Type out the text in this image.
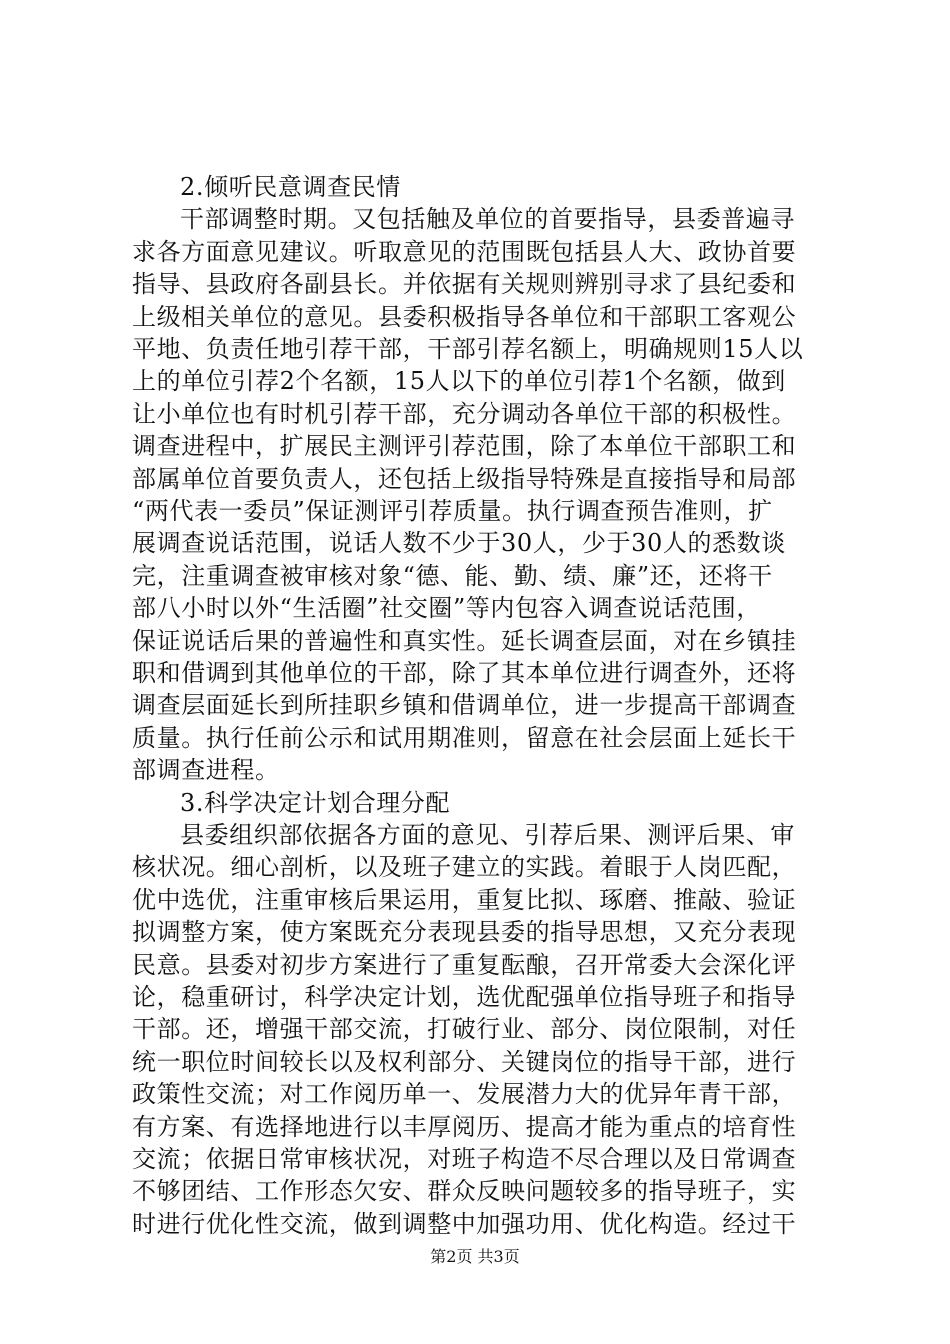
2.倾听民意调查民情
干部调整时期。又包括触及单位的首要指导，县委普遍寻
求各方面意见建议。听取意见的范围既包括县人大、政协首要
指导、县政府各副县长。并依据有关规则辨别寻求了县纪委和
上级相关单位的意见。县委积极指导各单位和干部职工客观公
平地、负责任地引荐干部，干部引荐名额上，明确规则15人以
上的单位引荐2个名额，15人以下的单位引荐1个名额，做到
让小单位也有时机引荐干部，充分调动各单位干部的积极性。
调查进程中，扩展民主测评引荐范围，除了本单位干部职工和
部属单位首要负责人，还包括上级指导特殊是直接指导和局部
“两代表一委员”保证测评引荐质量。执行调查预告准则，扩
展调查说话范围，说话人数不少于30人，少于30人的悉数谈
完，注重调查被审核对象“德、能、勤、绩、廉”还，还将干
部八小时以外“生活圈”社交圈”等内包容入调查说话范围，
保证说话后果的普遍性和真实性。延长调查层面，对在乡镇挂
职和借调到其他单位的干部，除了其本单位进行调查外，还将
调查层面延长到所挂职乡镇和借调单位，进一步提高干部调查
质量。执行任前公示和试用期准则，留意在社会层面上延长干
部调查进程。
3.科学决定计划合理分配
县委组织部依据各方面的意见、引荐后果、测评后果、审
核状况。细心剖析，以及班子建立的实践。着眼于人岗匹配，
优中选优，注重审核后果运用，重复比拟、琢磨、推敲、验证
拟调整方案，使方案既充分表现县委的指导思想，又充分表现
民意。县委对初步方案进行了重复酝酿，召开常委大会深化评
论，稳重研讨，科学决定计划，选优配强单位指导班子和指导
干部。还，增强干部交流，打破行业、部分、岗位限制，对任
统一职位时间较长以及权利部分、关键岗位的指导干部，进行
政策性交流；对工作阅历单一、发展潜力大的优异年青干部，
有方案、有选择地进行以丰厚阅历、提高才能为重点的培育性
交流；依据日常审核状况，对班子构造不尽合理以及日常调查
不够团结、工作形态欠安、群众反映问题较多的指导班子，实
时进行优化性交流，做到调整中加强功用、优化构造。经过干
第2页 共3页
